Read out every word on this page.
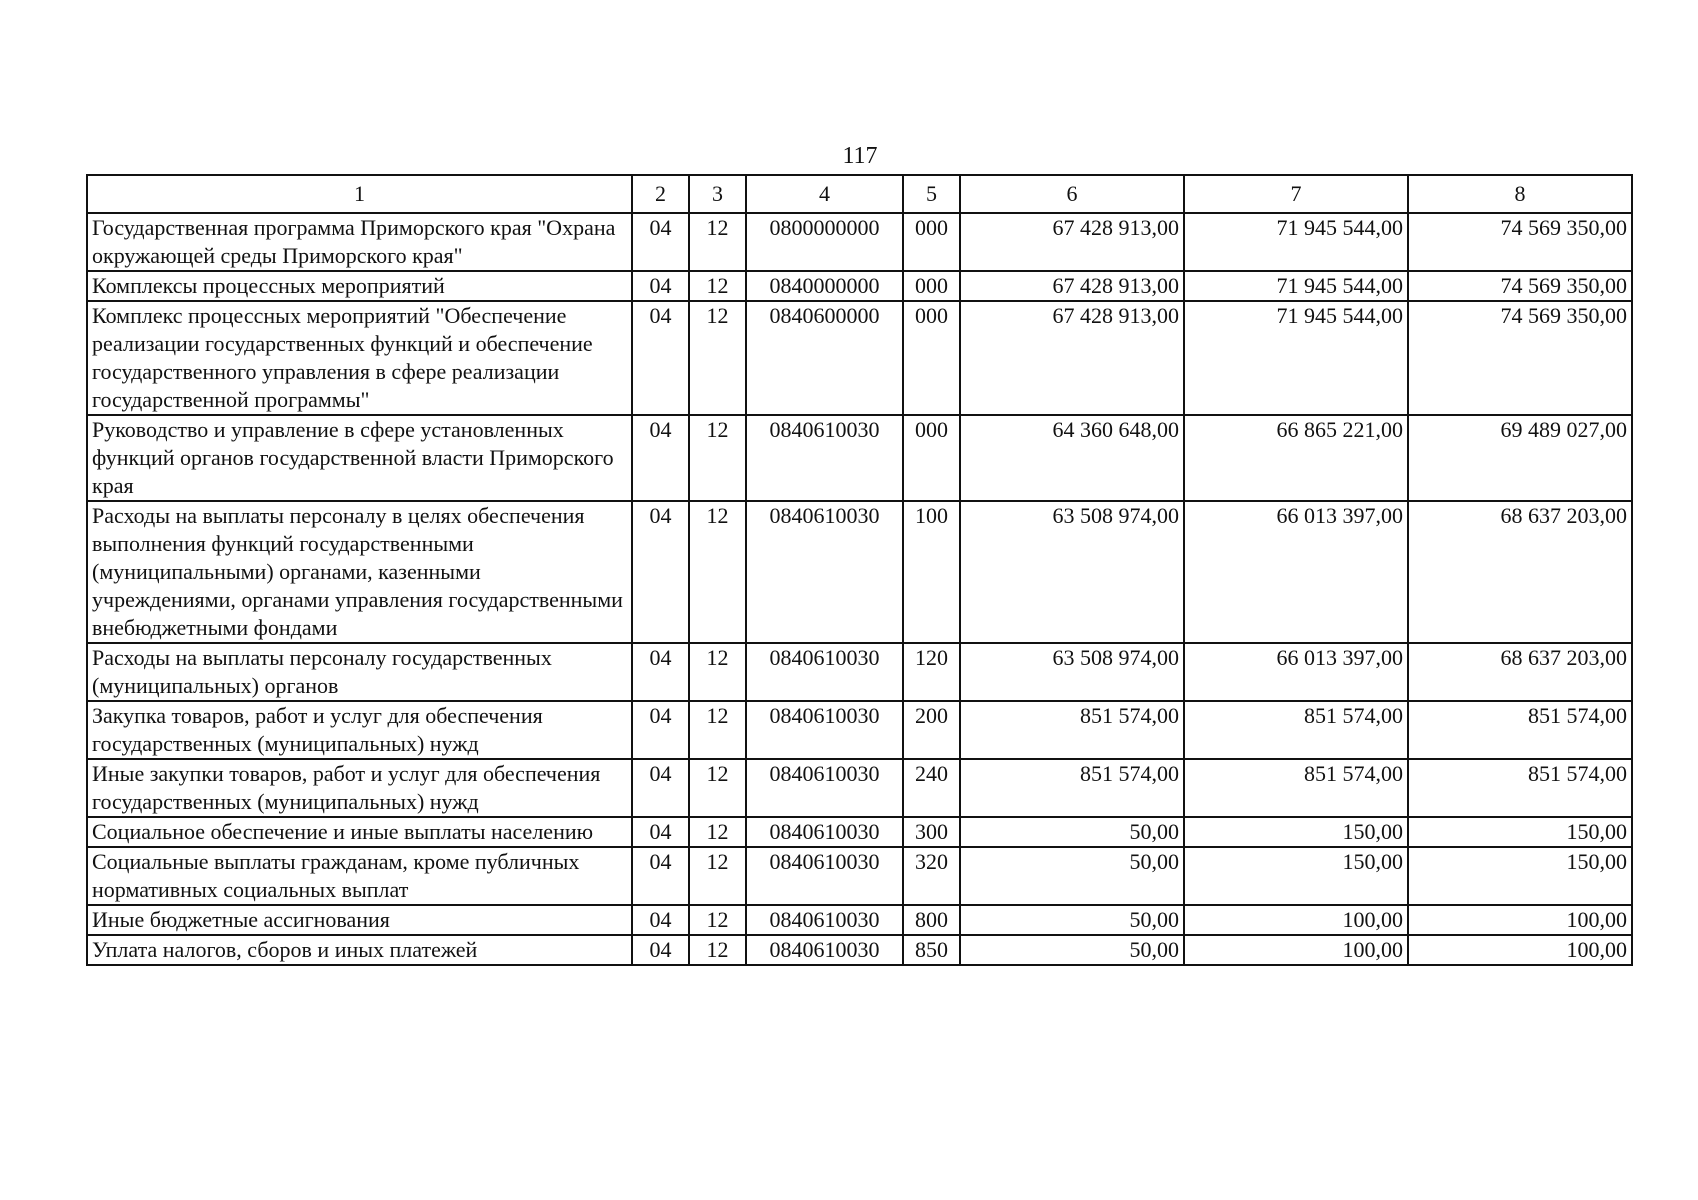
117
1	2	3	4	5	6	7	8
Государственная программа Приморского края "Охрана окружающей среды Приморского края"	04	12	0800000000	000	67 428 913,00	71 945 544,00	74 569 350,00
Комплексы процессных мероприятий	04	12	0840000000	000	67 428 913,00	71 945 544,00	74 569 350,00
Комплекс процессных мероприятий "Обеспечение реализации государственных функций и обеспечение государственного управления в сфере реализации государственной программы"	04	12	0840600000	000	67 428 913,00	71 945 544,00	74 569 350,00
Руководство и управление в сфере установленных функций органов государственной власти Приморского края	04	12	0840610030	000	64 360 648,00	66 865 221,00	69 489 027,00
Расходы на выплаты персоналу в целях обеспечения выполнения функций государственными (муниципальными) органами, казенными учреждениями, органами управления государственными внебюджетными фондами	04	12	0840610030	100	63 508 974,00	66 013 397,00	68 637 203,00
Расходы на выплаты персоналу государственных (муниципальных) органов	04	12	0840610030	120	63 508 974,00	66 013 397,00	68 637 203,00
Закупка товаров, работ и услуг для обеспечения государственных (муниципальных) нужд	04	12	0840610030	200	851 574,00	851 574,00	851 574,00
Иные закупки товаров, работ и услуг для обеспечения государственных (муниципальных) нужд	04	12	0840610030	240	851 574,00	851 574,00	851 574,00
Социальное обеспечение и иные выплаты населению	04	12	0840610030	300	50,00	150,00	150,00
Социальные выплаты гражданам, кроме публичных нормативных социальных выплат	04	12	0840610030	320	50,00	150,00	150,00
Иные бюджетные ассигнования	04	12	0840610030	800	50,00	100,00	100,00
Уплата налогов, сборов и иных платежей	04	12	0840610030	850	50,00	100,00	100,00
